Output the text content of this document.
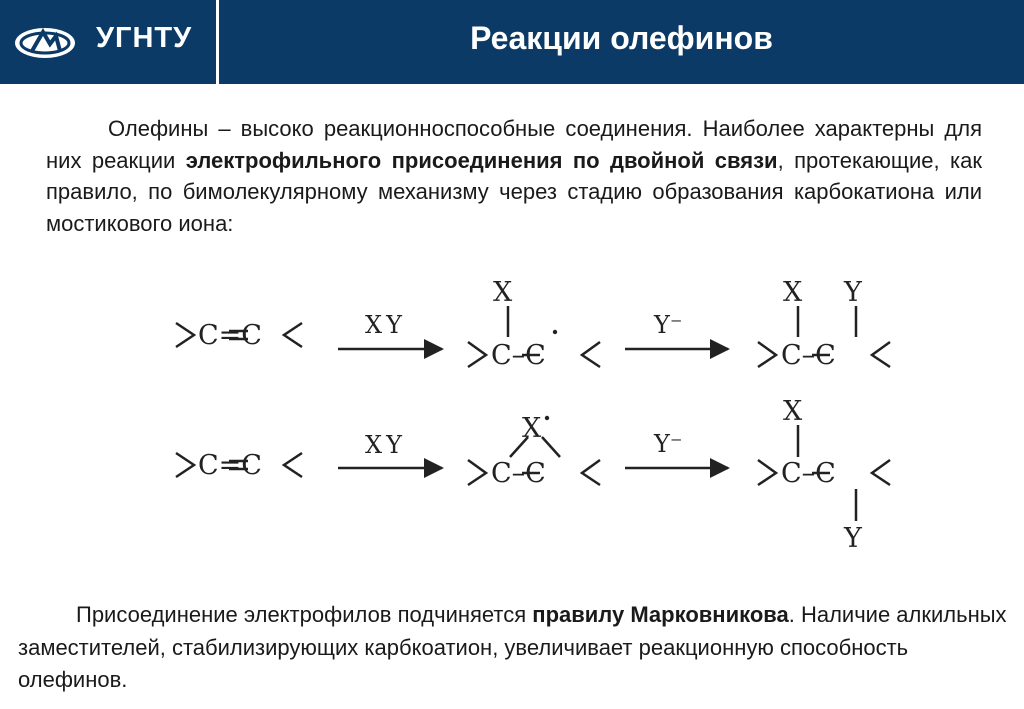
УГНТУ	Реакции олефинов
Олефины – высоко реакционноспособные соединения. Наиболее характерны для них реакции электрофильного присоединения по двойной связи, протекающие, как правило, по бимолекулярному механизму через стадию образования карбокатиона или мостикового иона:
C=C	XY
X
C–C
Y⁻
X Y
C–C
C=C
XY
X
C–C
Y⁻
X
C–C
Y
Присоединение электрофилов подчиняется правилу Марковникова. Наличие алкильных заместителей, стабилизирующих карбкоатион, увеличивает реакционную способность олефинов.
